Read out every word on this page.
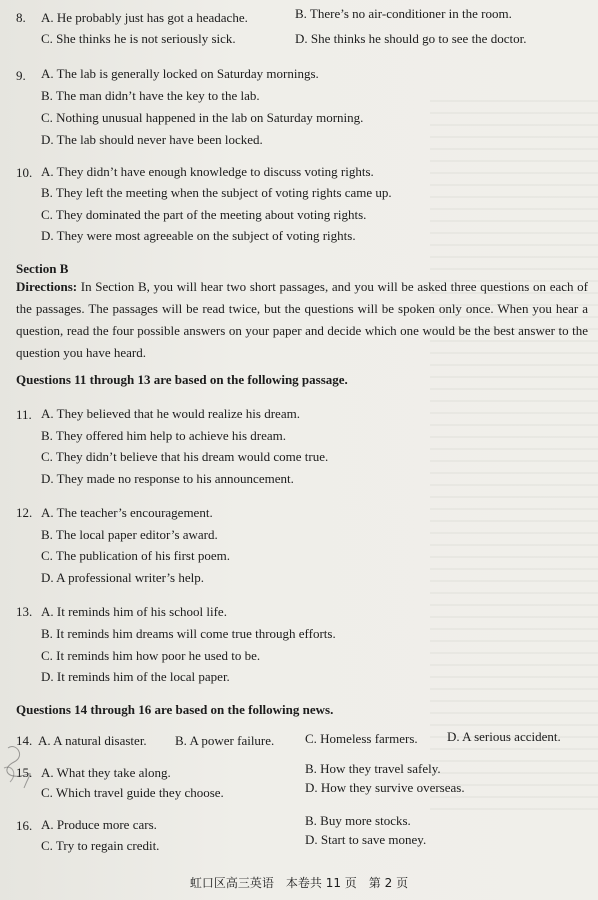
8. A. He probably just has got a headache.	B. There’s no air-conditioner in the room.
C. She thinks he is not seriously sick.	D. She thinks he should go to see the doctor.
9. A. The lab is generally locked on Saturday mornings.
B. The man didn’t have the key to the lab.
C. Nothing unusual happened in the lab on Saturday morning.
D. The lab should never have been locked.
10. A. They didn’t have enough knowledge to discuss voting rights.
B. They left the meeting when the subject of voting rights came up.
C. They dominated the part of the meeting about voting rights.
D. They were most agreeable on the subject of voting rights.
Section B
Directions: In Section B, you will hear two short passages, and you will be asked three questions on each of the passages. The passages will be read twice, but the questions will be spoken only once. When you hear a question, read the four possible answers on your paper and decide which one would be the best answer to the question you have heard.
Questions 11 through 13 are based on the following passage.
11. A. They believed that he would realize his dream.
B. They offered him help to achieve his dream.
C. They didn’t believe that his dream would come true.
D. They made no response to his announcement.
12. A. The teacher’s encouragement.
B. The local paper editor’s award.
C. The publication of his first poem.
D. A professional writer’s help.
13. A. It reminds him of his school life.
B. It reminds him dreams will come true through efforts.
C. It reminds him how poor he used to be.
D. It reminds him of the local paper.
Questions 14 through 16 are based on the following news.
14. A. A natural disaster. B. A power failure. C. Homeless farmers. D. A serious accident.
15. A. What they take along.	B. How they travel safely.
C. Which travel guide they choose.	D. How they survive overseas.
16. A. Produce more cars.	B. Buy more stocks.
C. Try to regain credit.	D. Start to save money.
虹口区高三英语　本卷共 11 页　第 2 页
